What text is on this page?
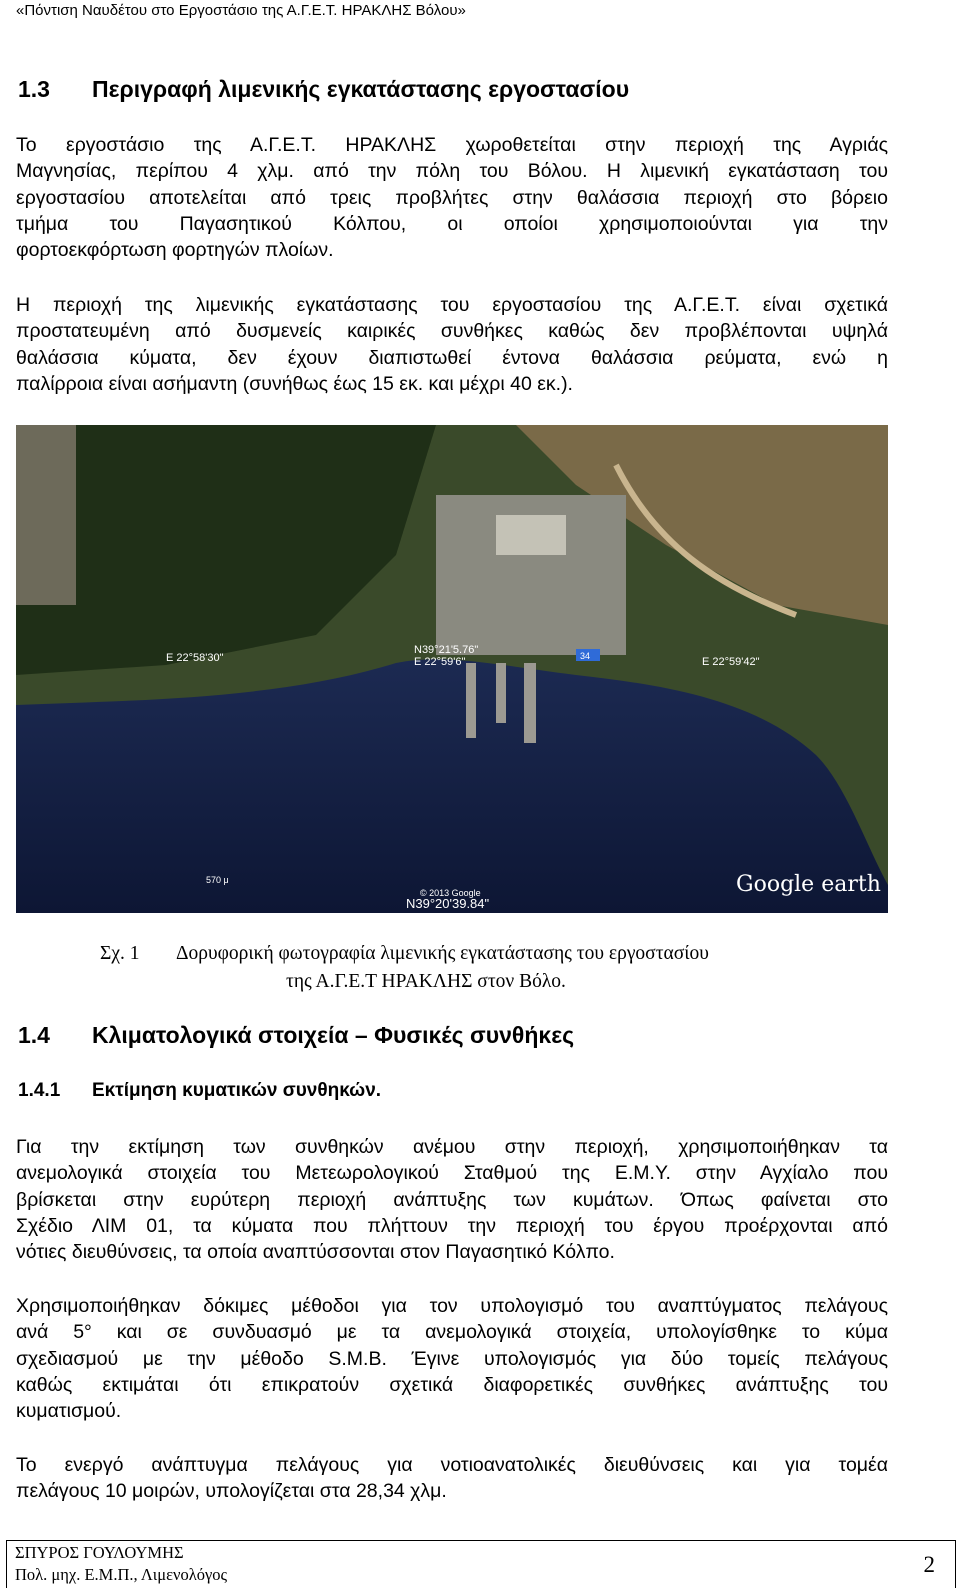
«Πόντιση Ναυδέτου στο Εργοστάσιο της Α.Γ.Ε.Τ. ΗΡΑΚΛΗΣ Βόλου»
1.3 Περιγραφή λιμενικής εγκατάστασης εργοστασίου
Το εργοστάσιο της Α.Γ.Ε.Τ. ΗΡΑΚΛΗΣ χωροθετείται στην περιοχή της Αγριάς
Μαγνησίας, περίπου 4 χλμ. από την πόλη του Βόλου. Η λιμενική εγκατάσταση του
εργοστασίου αποτελείται από τρεις προβλήτες στην θαλάσσια περιοχή στο βόρειο
τμήμα του Παγασητικού Κόλπου, οι οποίοι χρησιμοποιούνται για την
φορτοεκφόρτωση φορτηγών πλοίων.
Η περιοχή της λιμενικής εγκατάστασης του εργοστασίου της Α.Γ.Ε.Τ. είναι σχετικά
προστατευμένη από δυσμενείς καιρικές συνθήκες καθώς δεν προβλέπονται υψηλά
θαλάσσια κύματα, δεν έχουν διαπιστωθεί έντονα θαλάσσια ρεύματα, ενώ η
παλίρροια είναι ασήμαντη (συνήθως έως 15 εκ. και μέχρι 40 εκ.).
E 22°58'30"
N39°21'5.76"
E 22°59'6"	E 22°59'42"
34
570 μ
© 2013 Google
N39°20'39.84"
Google earth
Σχ. 1 Δορυφορική φωτογραφία λιμενικής εγκατάστασης του εργοστασίου
της Α.Γ.Ε.Τ ΗΡΑΚΛΗΣ στον Βόλο.
1.4 Κλιματολογικά στοιχεία – Φυσικές συνθήκες
1.4.1 Εκτίμηση κυματικών συνθηκών.
Για την εκτίμηση των συνθηκών ανέμου στην περιοχή, χρησιμοποιήθηκαν τα
ανεμολογικά στοιχεία του Μετεωρολογικού Σταθμού της Ε.Μ.Υ. στην Αγχίαλο που
βρίσκεται στην ευρύτερη περιοχή ανάπτυξης των κυμάτων. Όπως φαίνεται στο
Σχέδιο ΛΙΜ 01, τα κύματα που πλήττουν την περιοχή του έργου προέρχονται από
νότιες διευθύνσεις, τα οποία αναπτύσσονται στον Παγασητικό Κόλπο.
Χρησιμοποιήθηκαν δόκιμες μέθοδοι για τον υπολογισμό του αναπτύγματος πελάγους
ανά 5° και σε συνδυασμό με τα ανεμολογικά στοιχεία, υπολογίσθηκε το κύμα
σχεδιασμού με την μέθοδο S.M.B. Έγινε υπολογισμός για δύο τομείς πελάγους
καθώς εκτιμάται ότι επικρατούν σχετικά διαφορετικές συνθήκες ανάπτυξης του
κυματισμού.
Το ενεργό ανάπτυγμα πελάγους για νοτιοανατολικές διευθύνσεις και για τομέα
πελάγους 10 μοιρών, υπολογίζεται στα 28,34 χλμ.
ΣΠΥΡΟΣ ΓΟΥΛΟΥΜΗΣ
Πολ. μηχ. Ε.Μ.Π., Λιμενολόγος	2
